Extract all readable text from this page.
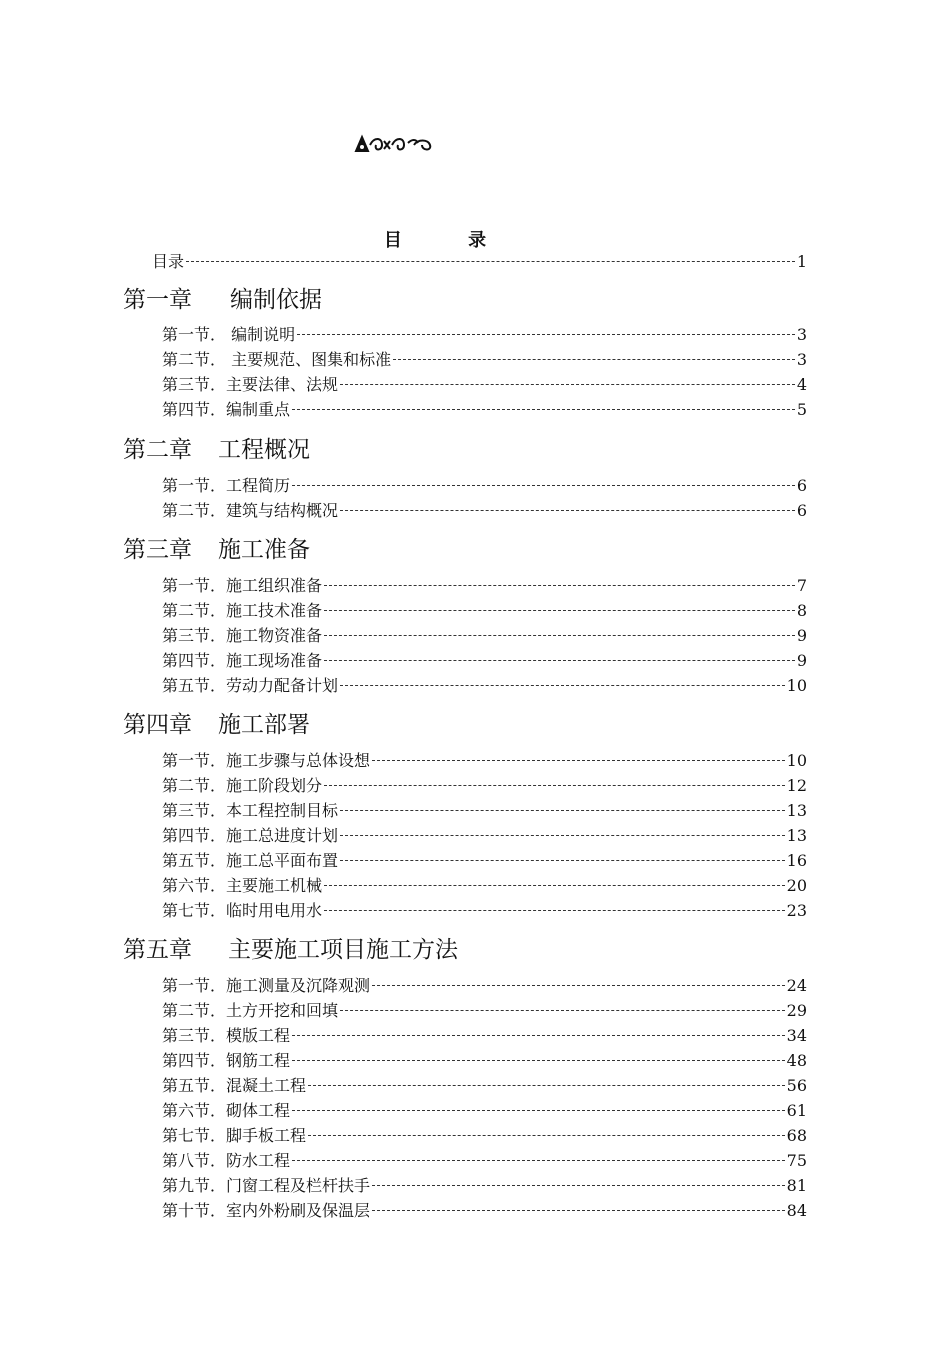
目 录
目录	1
第一章 编制依据
第一节． 编制说明	3
第二节． 主要规范、图集和标准	3
第三节．主要法律、法规	4
第四节．编制重点	5
第二章 工程概况
第一节．工程简历	6
第二节．建筑与结构概况	6
第三章 施工准备
第一节．施工组织准备	7
第二节．施工技术准备	8
第三节．施工物资准备	9
第四节．施工现场准备	9
第五节．劳动力配备计划	10
第四章 施工部署
第一节．施工步骤与总体设想	10
第二节．施工阶段划分	12
第三节．本工程控制目标	13
第四节．施工总进度计划	13
第五节．施工总平面布置	16
第六节．主要施工机械	20
第七节．临时用电用水	23
第五章 主要施工项目施工方法
第一节．施工测量及沉降观测	24
第二节．土方开挖和回填	29
第三节．模版工程	34
第四节．钢筋工程	48
第五节．混凝土工程	56
第六节．砌体工程	61
第七节．脚手板工程	68
第八节．防水工程	75
第九节．门窗工程及栏杆扶手	81
第十节．室内外粉刷及保温层	84
